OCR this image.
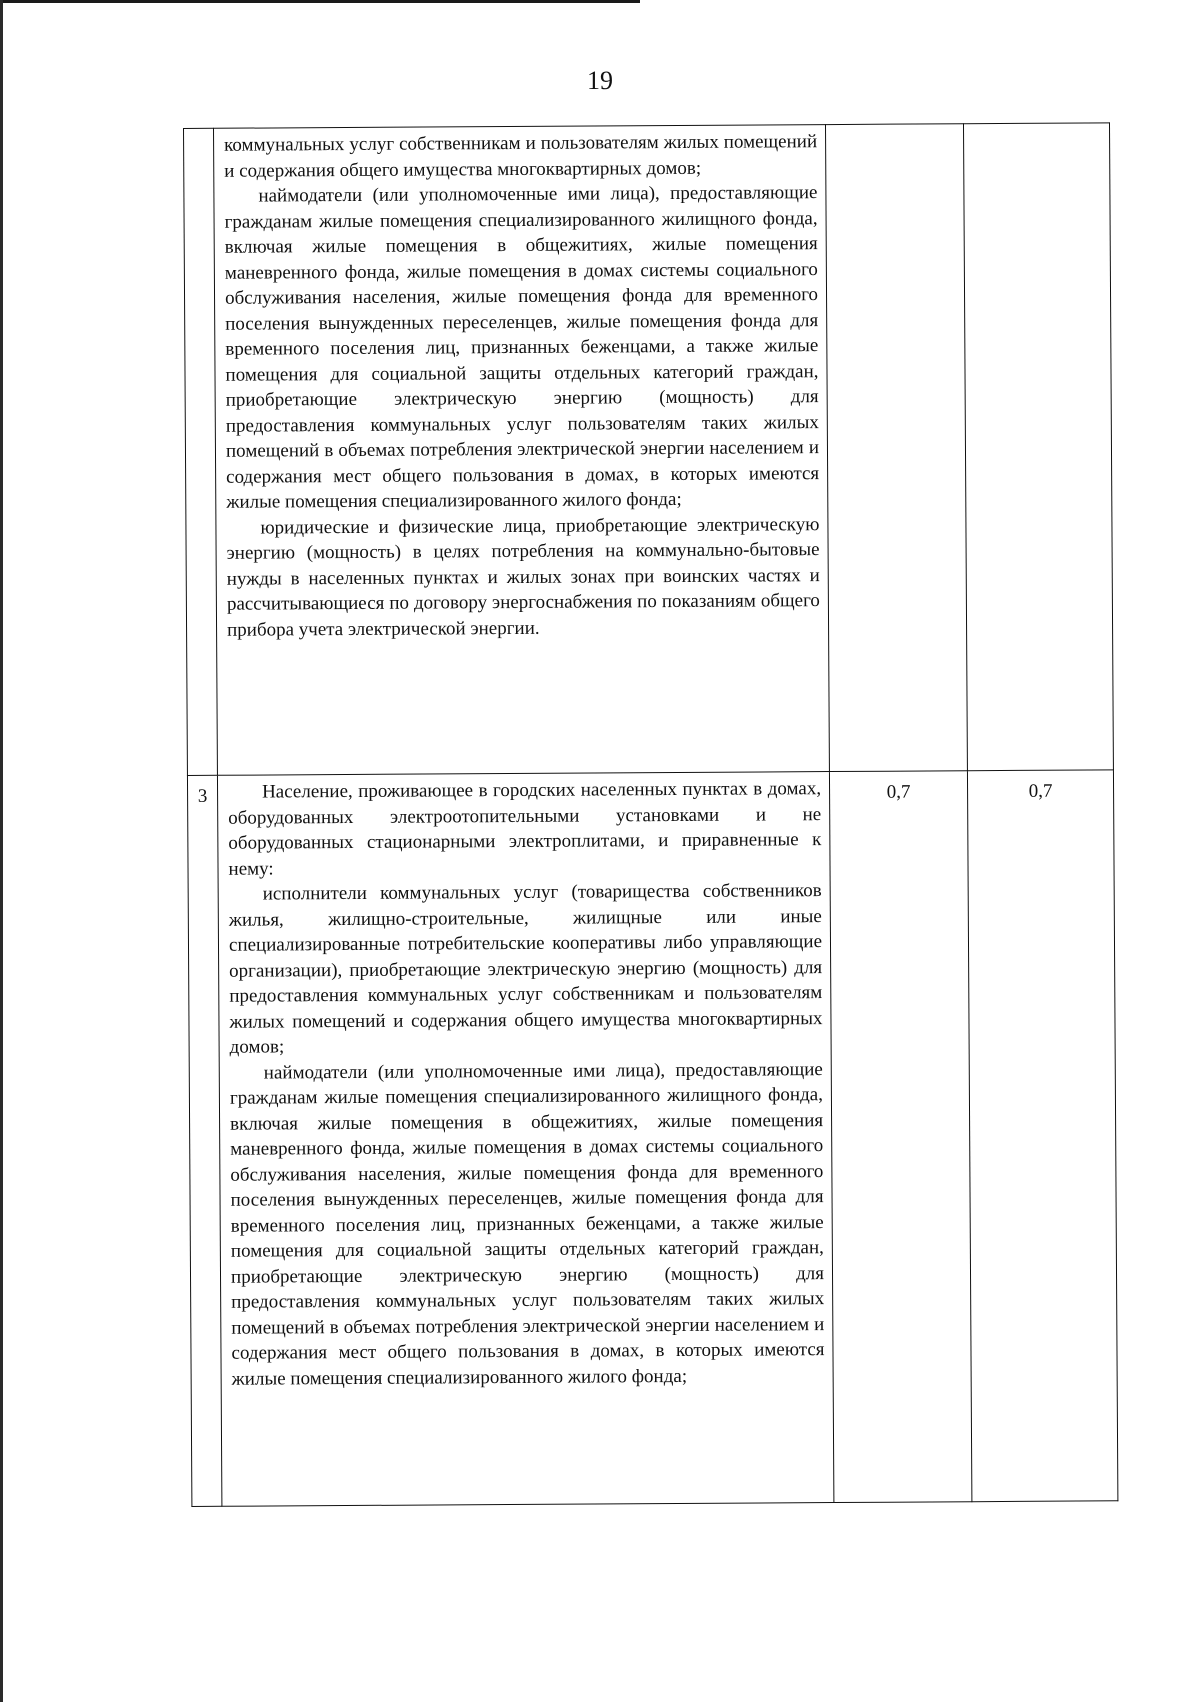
19

	коммунальных услуг собственникам и пользователям жилых помещений и содержания общего имущества многоквартирных домов;

наймодатели (или уполномоченные ими лица), предоставляющие гражданам жилые помещения специализированного жилищного фонда, включая жилые помещения в общежитиях, жилые помещения маневренного фонда, жилые помещения в домах системы социального обслуживания населения, жилые помещения фонда для временного поселения вынужденных переселенцев, жилые помещения фонда для временного поселения лиц, признанных беженцами, а также жилые помещения для социальной защиты отдельных категорий граждан, приобретающие электрическую энергию (мощность) для предоставления коммунальных услуг пользователям таких жилых помещений в объемах потребления электрической энергии населением и содержания мест общего пользования в домах, в которых имеются жилые помещения специализированного жилого фонда;

юридические и физические лица, приобретающие электрическую энергию (мощность) в целях потребления на коммунально-бытовые нужды в населенных пунктах и жилых зонах при воинских частях и рассчитывающиеся по договору энергоснабжения по показаниям общего прибора учета электрической энергии.		

3	Население, проживающее в городских населенных пунктах в домах, оборудованных электроотопительными установками и не оборудованных стационарными электроплитами, и приравненные к нему:

исполнители коммунальных услуг (товарищества собственников жилья, жилищно-строительные, жилищные или иные специализированные потребительские кооперативы либо управляющие организации), приобретающие электрическую энергию (мощность) для предоставления коммунальных услуг собственникам и пользователям жилых помещений и содержания общего имущества многоквартирных домов;

наймодатели (или уполномоченные ими лица), предоставляющие гражданам жилые помещения специализированного жилищного фонда, включая жилые помещения в общежитиях, жилые помещения маневренного фонда, жилые помещения в домах системы социального обслуживания населения, жилые помещения фонда для временного поселения вынужденных переселенцев, жилые помещения фонда для временного поселения лиц, признанных беженцами, а также жилые помещения для социальной защиты отдельных категорий граждан, приобретающие электрическую энергию (мощность) для предоставления коммунальных услуг пользователям таких жилых помещений в объемах потребления электрической энергии населением и содержания мест общего пользования в домах, в которых имеются жилые помещения специализированного жилого фонда;	0,7	0,7
